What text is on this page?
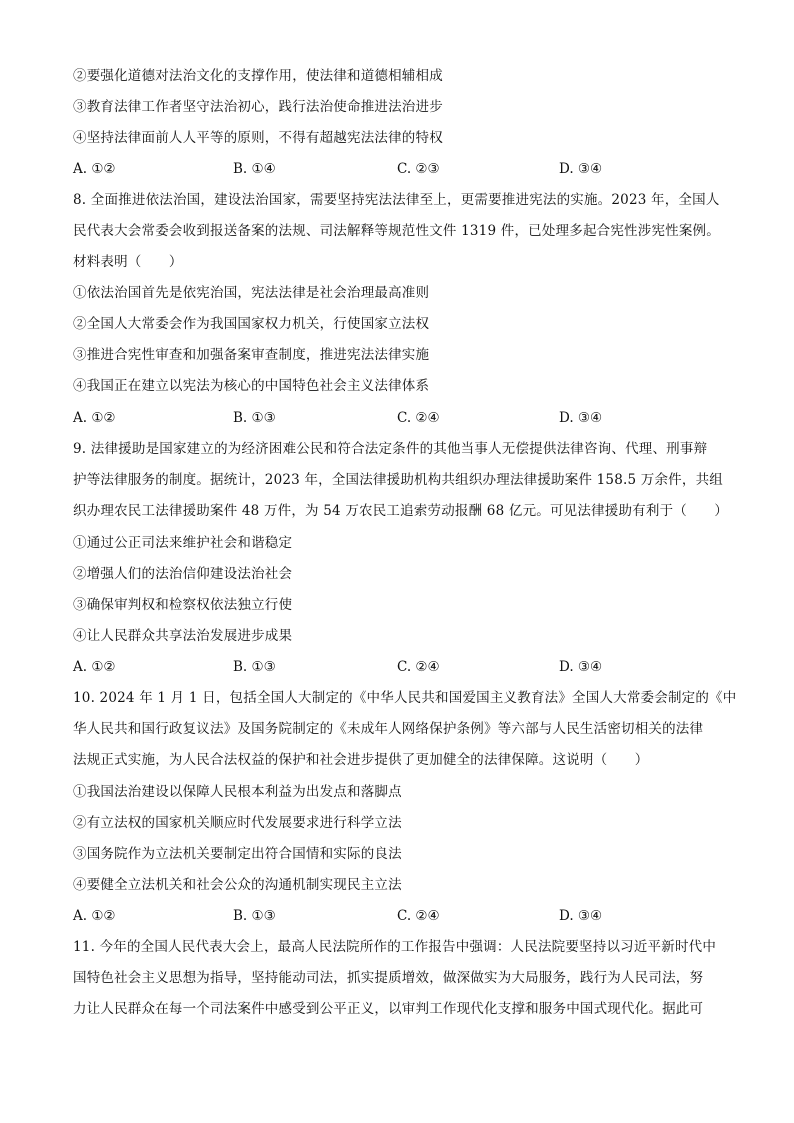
②要强化道德对法治文化的支撑作用，使法律和道德相辅相成

③教育法律工作者坚守法治初心，践行法治使命推进法治进步

④坚持法律面前人人平等的原则，不得有超越宪法法律的特权

A. ①②	B. ①④	C. ②③	D. ③④

8. 全面推进依法治国，建设法治国家，需要坚持宪法法律至上，更需要推进宪法的实施。2023 年，全国人

民代表大会常委会收到报送备案的法规、司法解释等规范性文件 1319 件，已处理多起合宪性涉宪性案例。

材料表明（　　）

①依法治国首先是依宪治国，宪法法律是社会治理最高准则

②全国人大常委会作为我国国家权力机关，行使国家立法权

③推进合宪性审查和加强备案审查制度，推进宪法法律实施

④我国正在建立以宪法为核心的中国特色社会主义法律体系

A. ①②	B. ①③	C. ②④	D. ③④

9. 法律援助是国家建立的为经济困难公民和符合法定条件的其他当事人无偿提供法律咨询、代理、刑事辩

护等法律服务的制度。据统计，2023 年，全国法律援助机构共组织办理法律援助案件 158.5 万余件，共组

织办理农民工法律援助案件 48 万件，为 54 万农民工追索劳动报酬 68 亿元。可见法律援助有利于（　　）

①通过公正司法来维护社会和谐稳定

②增强人们的法治信仰建设法治社会

③确保审判权和检察权依法独立行使

④让人民群众共享法治发展进步成果

A. ①②	B. ①③	C. ②④	D. ③④

10. 2024 年 1 月 1 日，包括全国人大制定的《中华人民共和国爱国主义教育法》全国人大常委会制定的《中

华人民共和国行政复议法》及国务院制定的《未成年人网络保护条例》等六部与人民生活密切相关的法律

法规正式实施，为人民合法权益的保护和社会进步提供了更加健全的法律保障。这说明（　　）

①我国法治建设以保障人民根本利益为出发点和落脚点

②有立法权的国家机关顺应时代发展要求进行科学立法

③国务院作为立法机关要制定出符合国情和实际的良法

④要健全立法机关和社会公众的沟通机制实现民主立法

A. ①②	B. ①③	C. ②④	D. ③④

11. 今年的全国人民代表大会上，最高人民法院所作的工作报告中强调：人民法院要坚持以习近平新时代中

国特色社会主义思想为指导，坚持能动司法，抓实提质增效，做深做实为大局服务，践行为人民司法，努

力让人民群众在每一个司法案件中感受到公平正义，以审判工作现代化支撑和服务中国式现代化。据此可
